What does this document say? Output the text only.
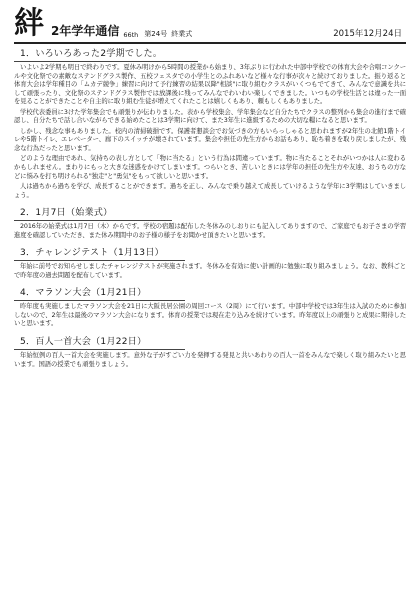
絆 2年学年通信 66th 第24号 終業式	2015年12月24日
1．いろいろあった2学期でした。

いよいよ2学期も明日で終わりです。夏休み明けから5時間の授業から始まり、3年ぶりに行われた中部中学校での体育大会や合唱コンクールや文化祭での素敵なステンドグラス製作、五校フェスタでの小学生とのふれあいなど様々な行事が次々と続けておりました。振り返ると体育大会は学年種目の「ムカデ競争」練習に向けて予行練習の結果以降"相談"に取り組むクラスがいくつもでてきて、みんなで意識を共にして頑張ったり、文化祭のステンドグラス製作では放課後に残ってみんなでわいわい楽しくできました。いつもの学校生活とは違った一面を見ることができたことや自主的に取り組む生徒が増えてくれたことは嬉しくもあり、頼もしくもありました。

学校代表委員に3けた学年集会でも頑張りが伝わりました。表から学校集会、学年集会など自分たちでクラスの整列から集会の進行まで確認し、自分たちで話し合いながらできる始めたことは3学期に向けて、また3年生に進級するための大切な糧になると思います。

しかし、残念な事もありました。校内の清掃破損です。保護者懇談会でお気づきの方もいらっしゃると思われますが2年生の北館1階トイレや5階トイレ、エレベーター、廊下のスイッチが壊されています。集会や担任の先生方からお話もあり、恥ち着きを取り戻しましたが、残念な行為だったと思います。

どのような理由であれ、気持ちの表し方として「物に当たる」という行為は間違っています。物に当たることそれがいつかは人に変わるかもしれません。まわりにもっと大きな迷惑をかけてしまいます。つらいとき、苦しいときには学年の担任の先生方や友達、おうちの方などに悩みを打ち明けられる"独走"と"勇気"をもって欲しいと思います。

人は過ちから過ちを学び、成長することができます。過ちを正し、みんなで乗り越えて成長していけるような学年に3学期はしていきましょう。

2．1月7日（始業式）

2016年の始業式は1月7日（木）からです。学校の宿題は配布した冬休みのしおりにも記入してありますので、ご家庭でもお子さまの学習進度を確認していただき、また休み期間中のお子様の様子をお聞かせ頂きたいと思います。

3．チャレンジテスト（1月13日）

年始に前号でお知らせしましたチャレンジテストが実施されます。冬休みを有効に使い計画的に勉強に取り組みましょう。なお、教科ごとで昨年度の過去問題を配布しています。

4．マラソン大会（1月21日）

昨年度も実施しましたマラソン大会を21日に大阪長居公園の周回コース（2周）にて行います。中部中学校では3年生は入試のために参加しないので、2年生は最後のマラソン大会になります。体育の授業では現在走り込みを続けています。昨年度以上の頑張りと成果に期待したいと思います。

5．百人一首大会（1月22日）

年始恒例の百人一首大会を実施します。意外な子がすごい力を発揮する発見と共いあわりの百人一首をみんなで楽しく取り組みたいと思います。国語の授業でも頑張りましょう。
